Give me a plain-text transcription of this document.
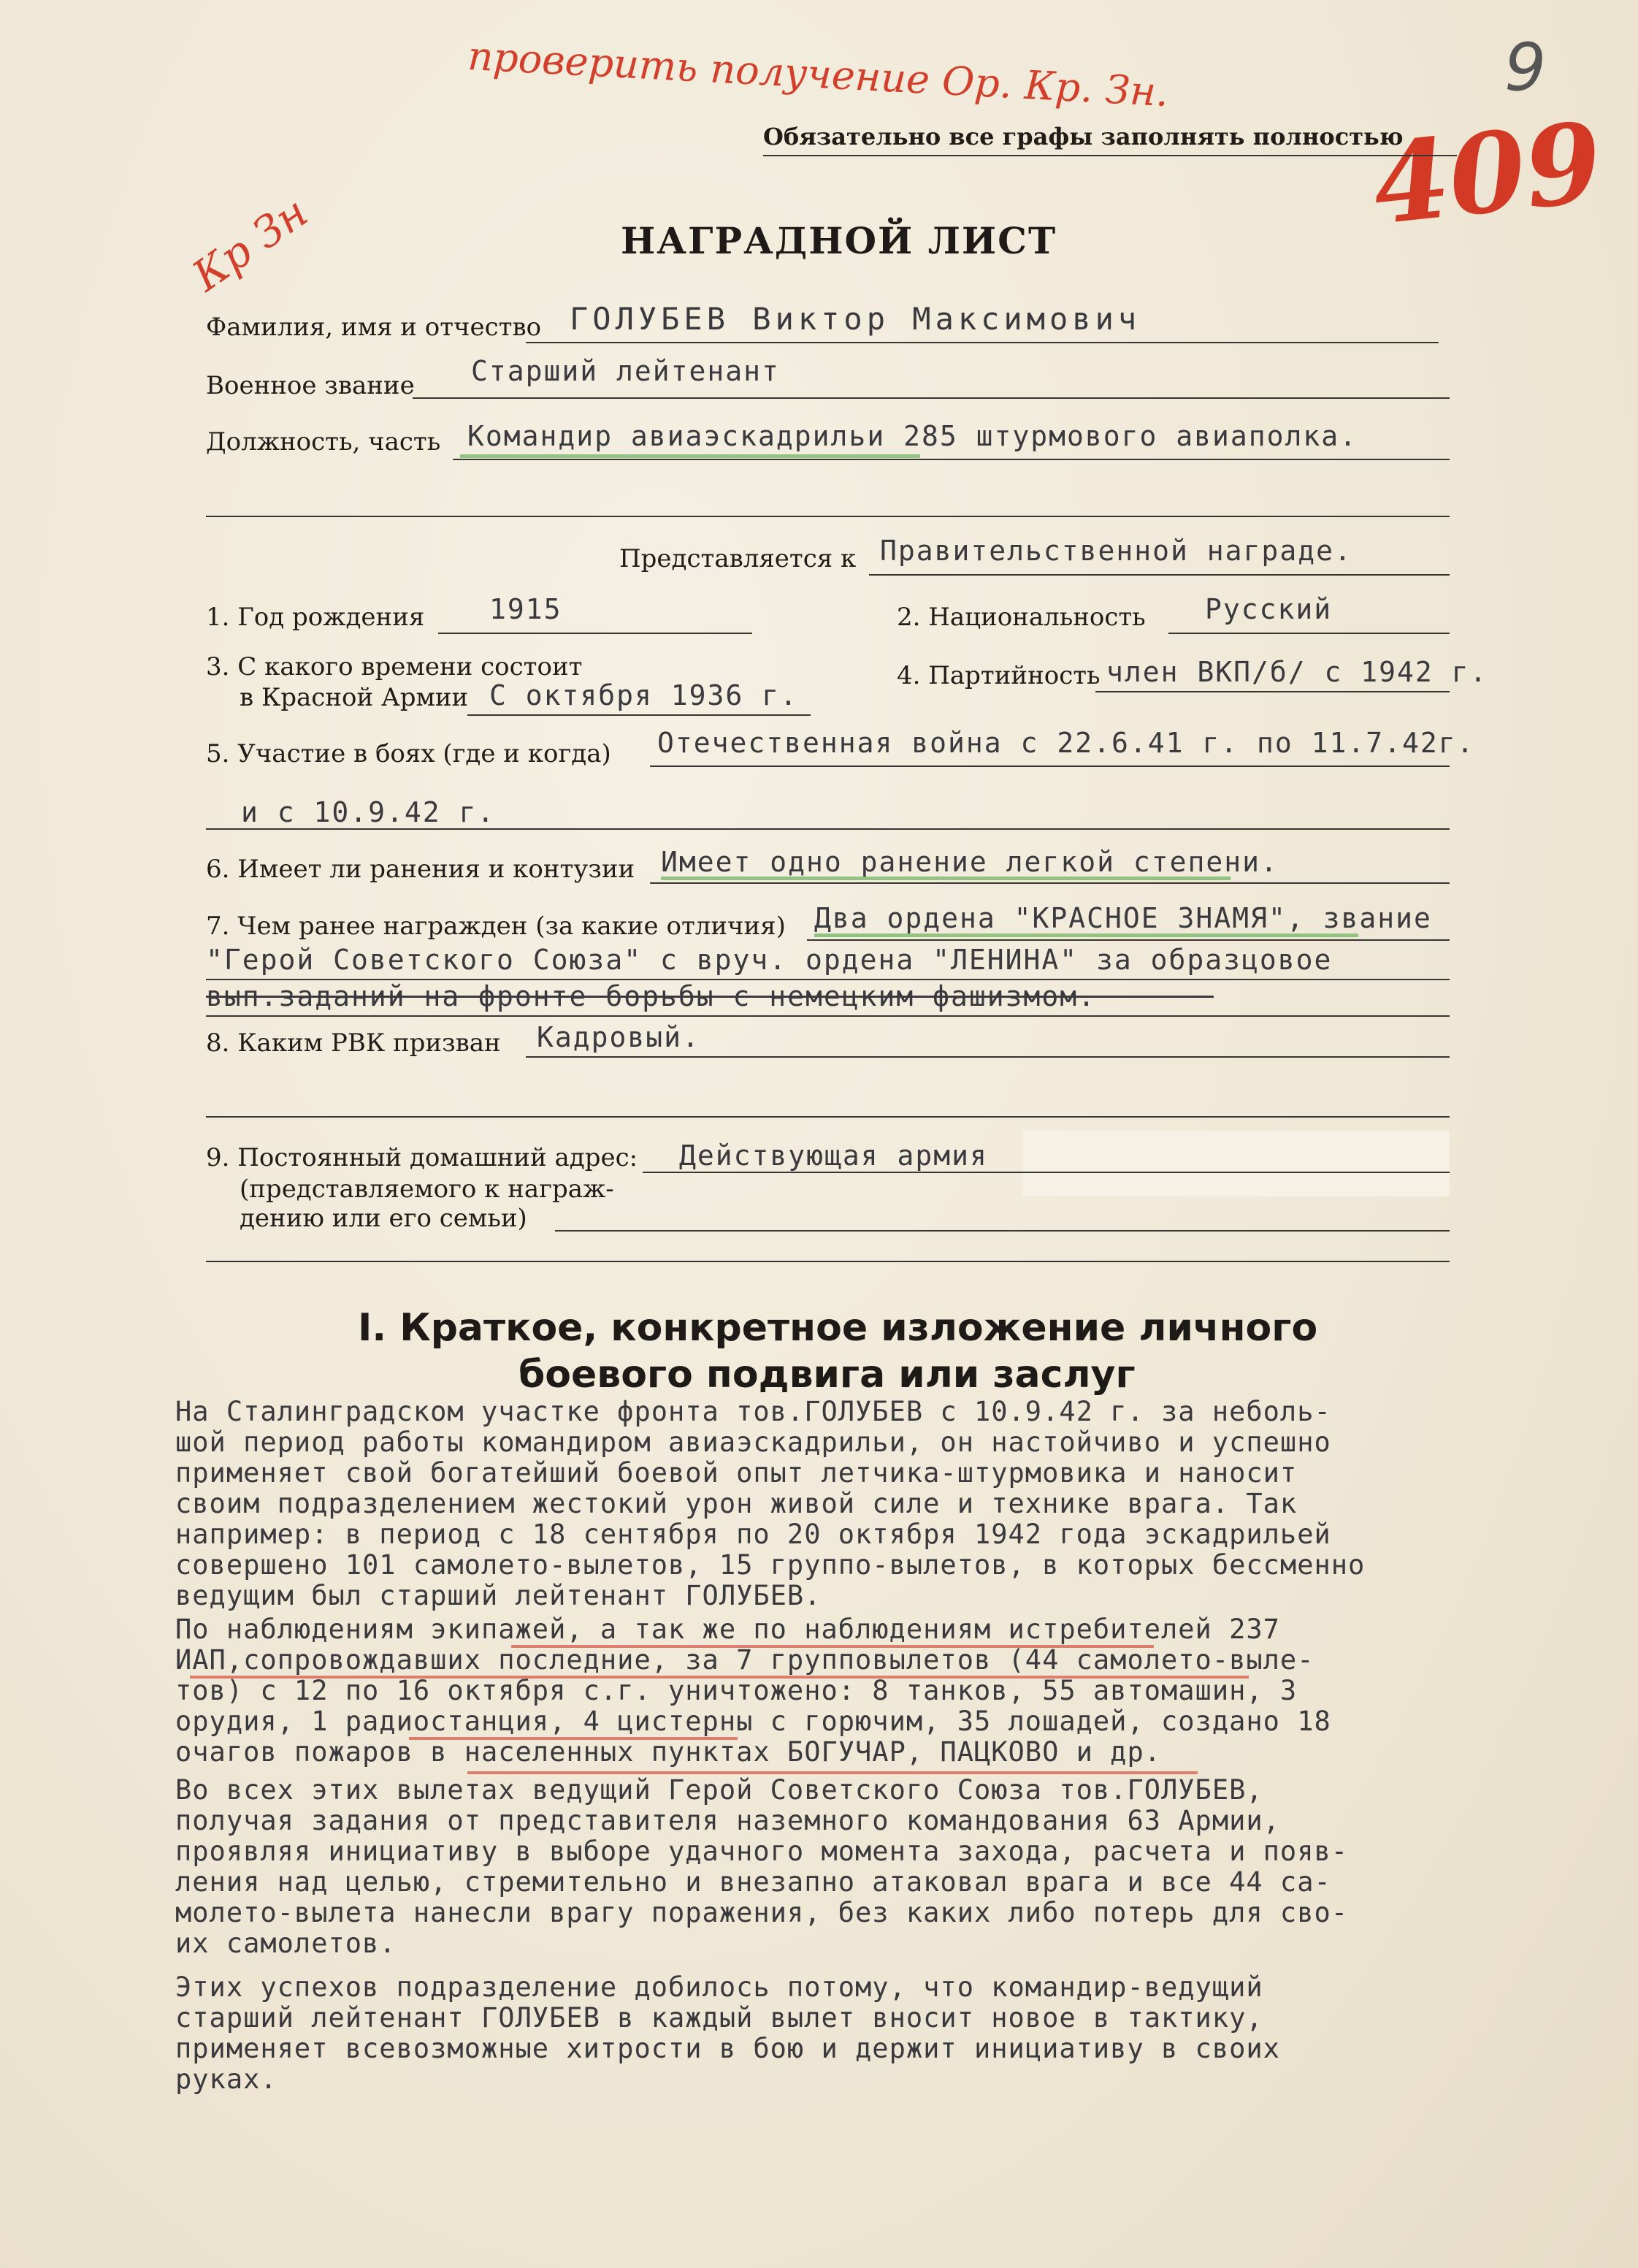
проверить получение Ор. Кр. Зн.
Кр Зн
9
409
Обязательно все графы заполнять полностью
НАГРАДНОЙ ЛИСТ
Фамилия, имя и отчество ГОЛУБЕВ Виктор Максимович
Военное звание Старший лейтенант
Должность, часть Командир авиаэскадрильи 285 штурмового авиаполка.
Представляется к Правительственной награде.
1. Год рождения 1915	2. Национальность Русский
3. С какого времени состоит
в Красной Армии С октября 1936 г.
4. Партийность член ВКП/б/ с 1942 г.
5. Участие в боях (где и когда) Отечественная война с 22.6.41 г. по 11.7.42г.
и с 10.9.42 г.
6. Имеет ли ранения и контузии Имеет одно ранение легкой степени.
7. Чем ранее награжден (за какие отличия) Два ордена "КРАСНОЕ ЗНАМЯ", звание
"Герой Советского Союза" с вруч. ордена "ЛЕНИНА" за образцовое
вып.заданий на фронте борьбы с немецким фашизмом.
8. Каким РВК призван Кадровый.
9. Постоянный домашний адрес:
(представляемого к награж-
дению или его семьи)
Действующая армия
I. Краткое, конкретное изложение личного
боевого подвига или заслуг
На Сталинградском участке фронта тов.ГОЛУБЕВ с 10.9.42 г. за неболь-
шой период работы командиром авиаэскадрильи, он настойчиво и успешно
применяет свой богатейший боевой опыт летчика-штурмовика и наносит
своим подразделением жестокий урон живой силе и технике врага. Так
например: в период с 18 сентября по 20 октября 1942 года эскадрильей
совершено 101 самолето-вылетов, 15 группо-вылетов, в которых бессменно
ведущим был старший лейтенант ГОЛУБЕВ.
По наблюдениям экипажей, а так же по наблюдениям истребителей 237
ИАП,сопровождавших последние, за 7 групповылетов (44 самолето-выле-
тов) с 12 по 16 октября с.г. уничтожено: 8 танков, 55 автомашин, 3
орудия, 1 радиостанция, 4 цистерны с горючим, 35 лошадей, создано 18
очагов пожаров в населенных пунктах БОГУЧАР, ПАЦКОВО и др.
Во всех этих вылетах ведущий Герой Советского Союза тов.ГОЛУБЕВ,
получая задания от представителя наземного командования 63 Армии,
проявляя инициативу в выборе удачного момента захода, расчета и появ-
ления над целью, стремительно и внезапно атаковал врага и все 44 са-
молето-вылета нанесли врагу поражения, без каких либо потерь для сво-
их самолетов.
Этих успехов подразделение добилось потому, что командир-ведущий
старший лейтенант ГОЛУБЕВ в каждый вылет вносит новое в тактику,
применяет всевозможные хитрости в бою и держит инициативу в своих
руках.
